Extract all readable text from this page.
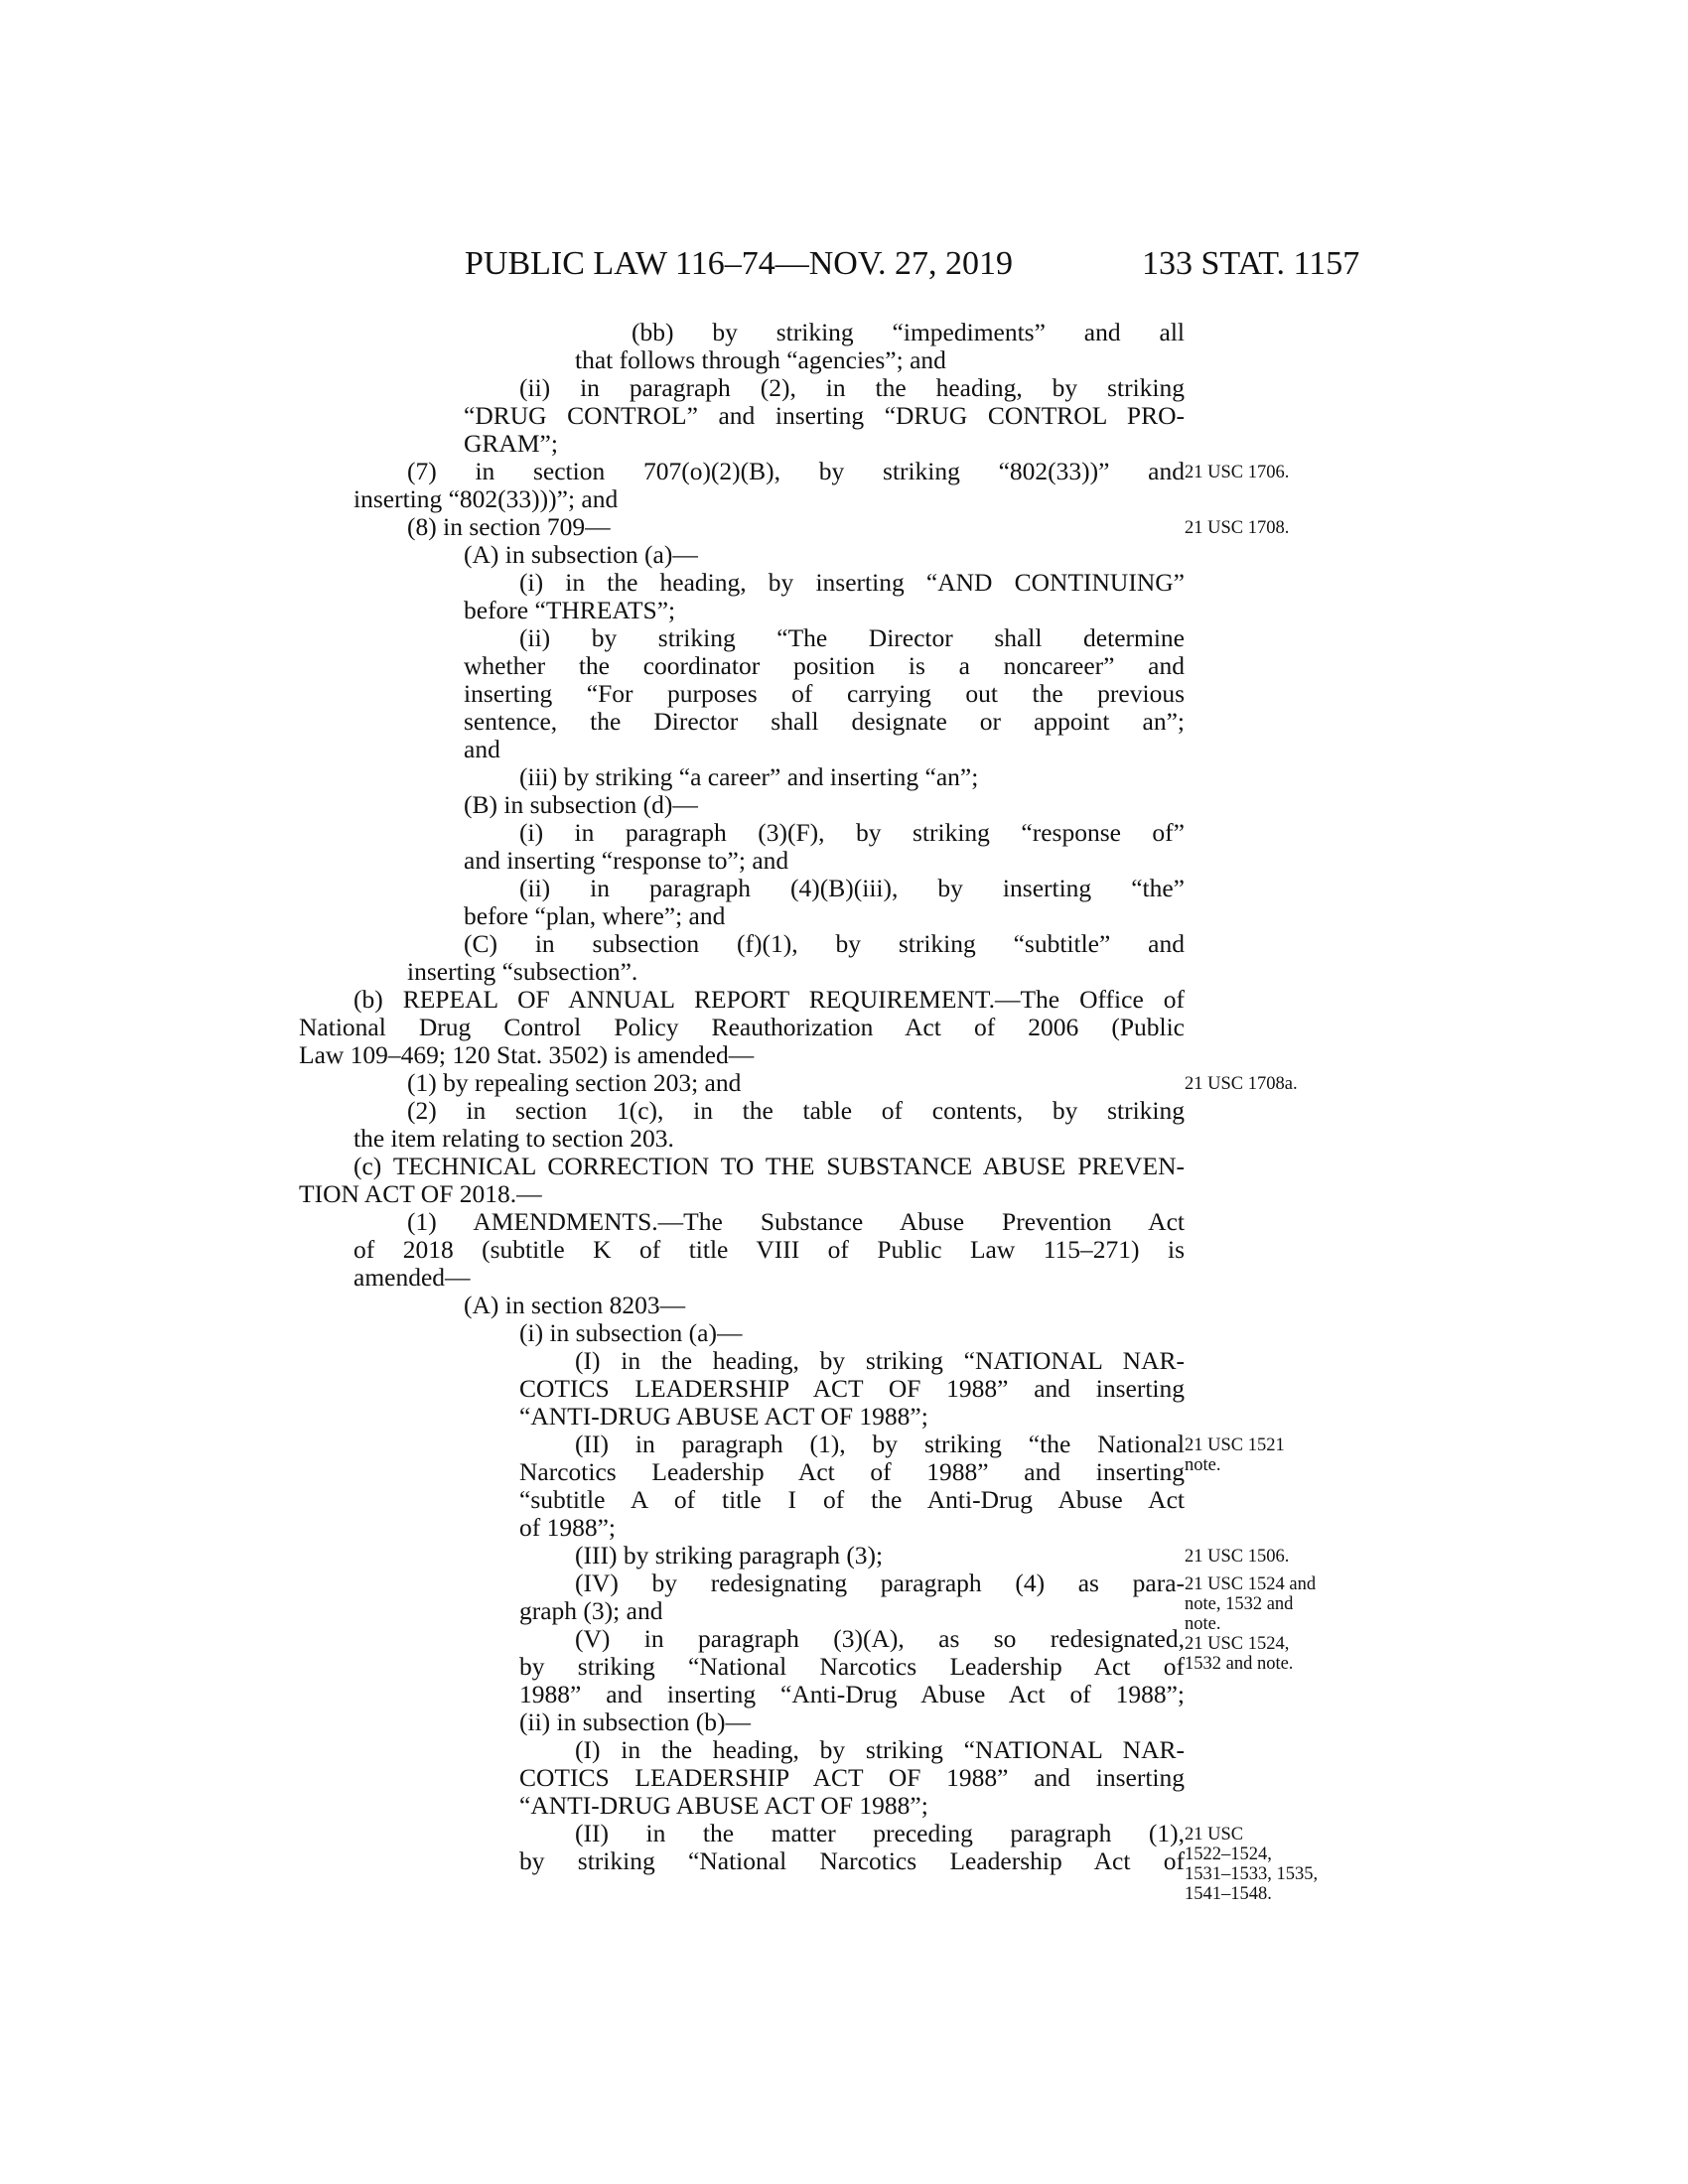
PUBLIC LAW 116–74—NOV. 27, 2019	133 STAT. 1157
(bb) by striking “impediments” and all
that follows through “agencies”; and
(ii) in paragraph (2), in the heading, by striking
“DRUG CONTROL” and inserting “DRUG CONTROL PRO-
GRAM”;
(7) in section 707(o)(2)(B), by striking “802(33))” and
inserting “802(33)))”; and
(8) in section 709—
(A) in subsection (a)—
(i) in the heading, by inserting “AND CONTINUING”
before “THREATS”;
(ii) by striking “The Director shall determine
whether the coordinator position is a noncareer” and
inserting “For purposes of carrying out the previous
sentence, the Director shall designate or appoint an”;
and
(iii) by striking “a career” and inserting “an”;
(B) in subsection (d)—
(i) in paragraph (3)(F), by striking “response of”
and inserting “response to”; and
(ii) in paragraph (4)(B)(iii), by inserting “the”
before “plan, where”; and
(C) in subsection (f)(1), by striking “subtitle” and
inserting “subsection”.
(b) REPEAL OF ANNUAL REPORT REQUIREMENT.—The Office of
National Drug Control Policy Reauthorization Act of 2006 (Public
Law 109–469; 120 Stat. 3502) is amended—
(1) by repealing section 203; and
(2) in section 1(c), in the table of contents, by striking
the item relating to section 203.
(c) TECHNICAL CORRECTION TO THE SUBSTANCE ABUSE PREVEN-
TION ACT OF 2018.—
(1) AMENDMENTS.—The Substance Abuse Prevention Act
of 2018 (subtitle K of title VIII of Public Law 115–271) is
amended—
(A) in section 8203—
(i) in subsection (a)—
(I) in the heading, by striking “NATIONAL NAR-
COTICS LEADERSHIP ACT OF 1988” and inserting
“ANTI-DRUG ABUSE ACT OF 1988”;
(II) in paragraph (1), by striking “the National
Narcotics Leadership Act of 1988” and inserting
“subtitle A of title I of the Anti-Drug Abuse Act
of 1988”;
(III) by striking paragraph (3);
(IV) by redesignating paragraph (4) as para-
graph (3); and
(V) in paragraph (3)(A), as so redesignated,
by striking “National Narcotics Leadership Act of
1988” and inserting “Anti-Drug Abuse Act of 1988”;
(ii) in subsection (b)—
(I) in the heading, by striking “NATIONAL NAR-
COTICS LEADERSHIP ACT OF 1988” and inserting
“ANTI-DRUG ABUSE ACT OF 1988”;
(II) in the matter preceding paragraph (1),
by striking “National Narcotics Leadership Act of
21 USC 1706.
21 USC 1708.
21 USC 1708a.
21 USC 1521
note.
21 USC 1506.
21 USC 1524 and
note, 1532 and
note.
21 USC 1524,
1532 and note.
21 USC
1522–1524,
1531–1533, 1535,
1541–1548.
